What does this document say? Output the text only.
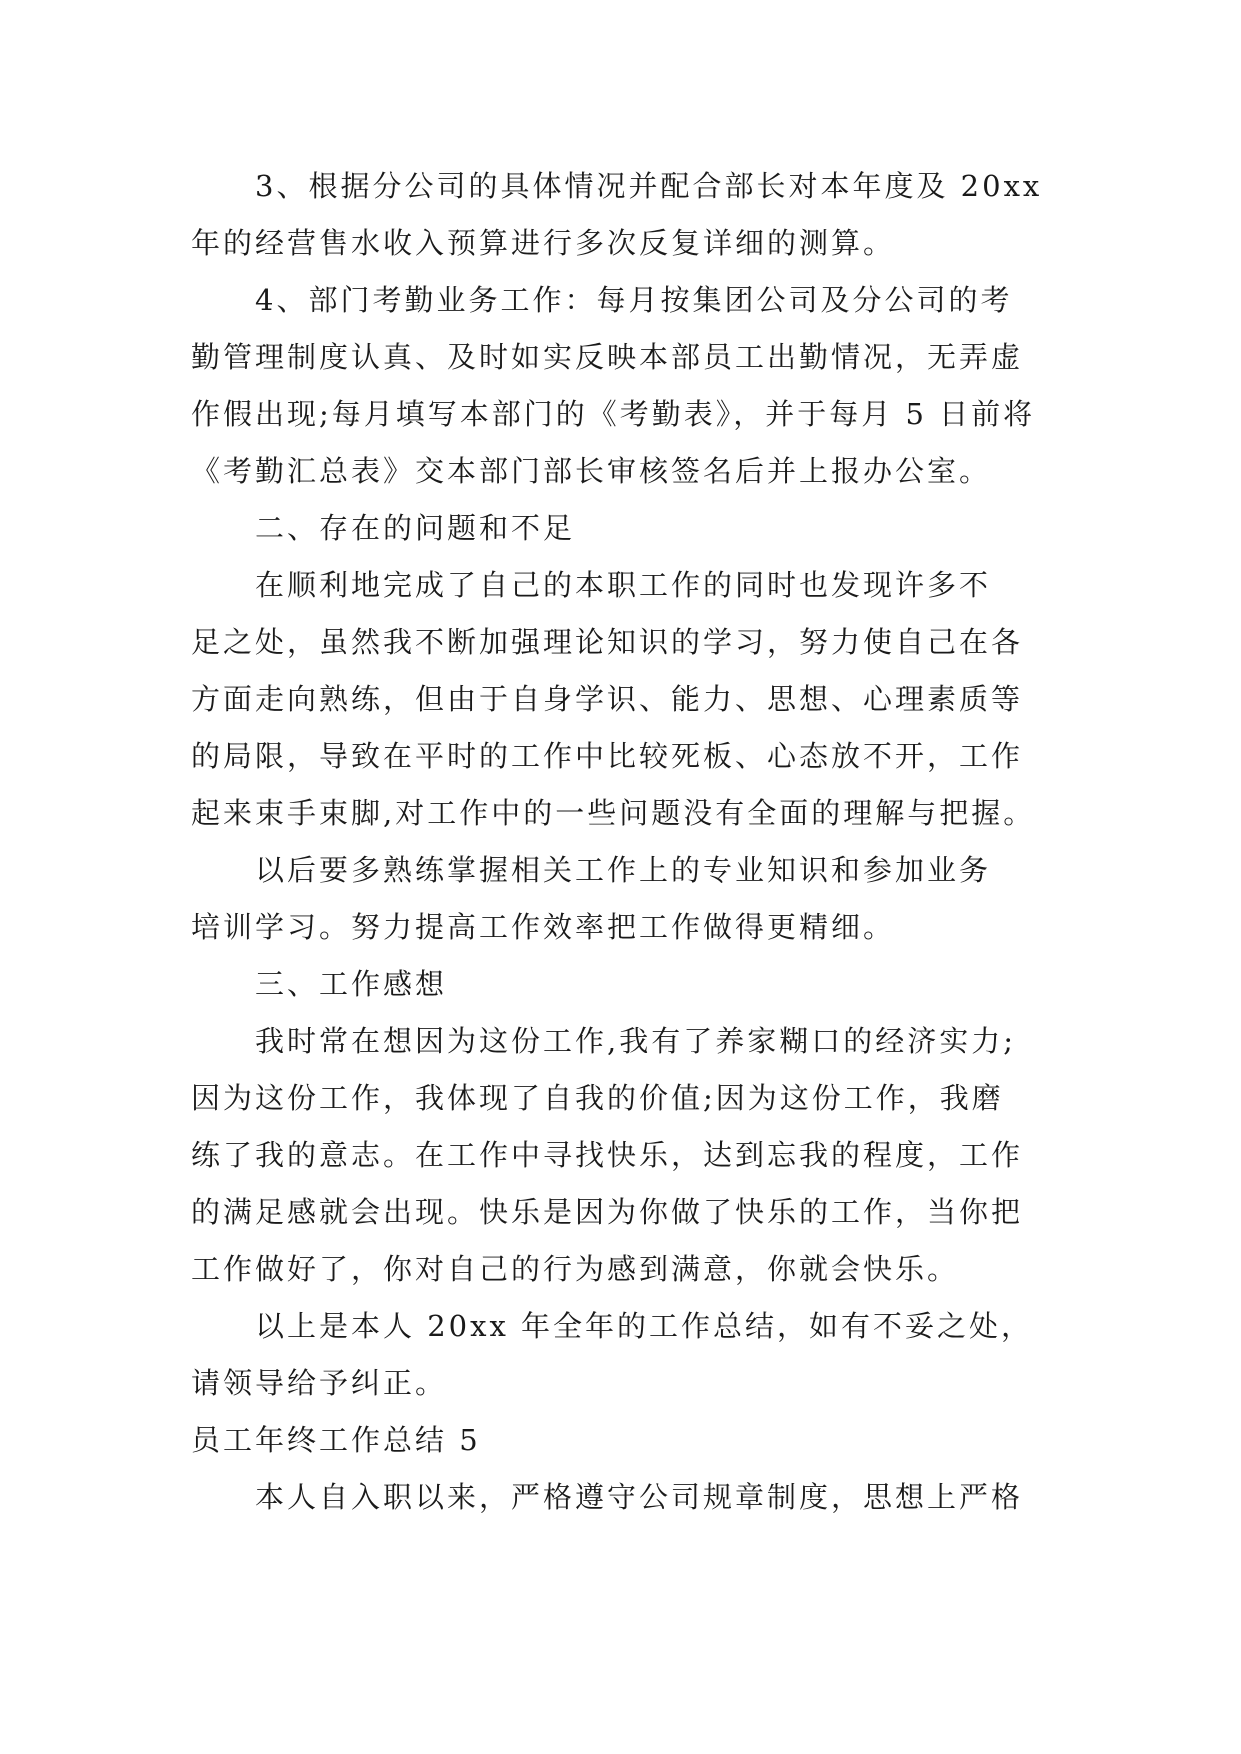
3、根据分公司的具体情况并配合部长对本年度及 20xx
年的经营售水收入预算进行多次反复详细的测算。
4、部门考勤业务工作：每月按集团公司及分公司的考
勤管理制度认真、及时如实反映本部员工出勤情况，无弄虚
作假出现;每月填写本部门的《考勤表》，并于每月 5 日前将
《考勤汇总表》交本部门部长审核签名后并上报办公室。
二、存在的问题和不足
在顺利地完成了自己的本职工作的同时也发现许多不
足之处，虽然我不断加强理论知识的学习，努力使自己在各
方面走向熟练，但由于自身学识、能力、思想、心理素质等
的局限，导致在平时的工作中比较死板、心态放不开，工作
起来束手束脚,对工作中的一些问题没有全面的理解与把握。
以后要多熟练掌握相关工作上的专业知识和参加业务
培训学习。努力提高工作效率把工作做得更精细。
三、工作感想
我时常在想因为这份工作,我有了养家糊口的经济实力;
因为这份工作，我体现了自我的价值;因为这份工作，我磨
练了我的意志。在工作中寻找快乐，达到忘我的程度，工作
的满足感就会出现。快乐是因为你做了快乐的工作，当你把
工作做好了，你对自己的行为感到满意，你就会快乐。
以上是本人 20xx 年全年的工作总结，如有不妥之处，
请领导给予纠正。
员工年终工作总结 5
本人自入职以来，严格遵守公司规章制度，思想上严格
